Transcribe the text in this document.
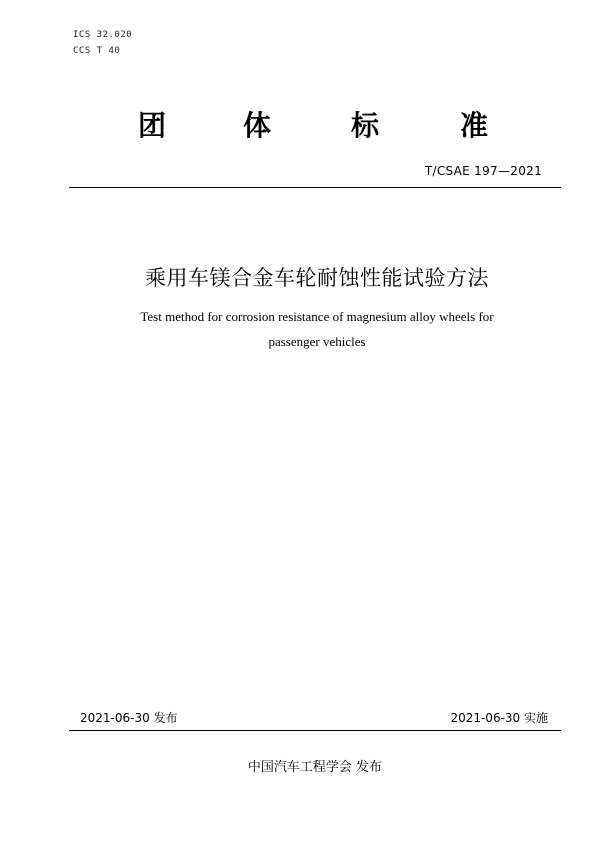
ICS 32.020
CCS T 40
团	体	标	准
T/CSAE 197—2021
乘用车镁合金车轮耐蚀性能试验方法
Test method for corrosion resistance of magnesium alloy wheels for
passenger vehicles
2021-06-30 发布	2021-06-30 实施
中国汽车工程学会 发布
